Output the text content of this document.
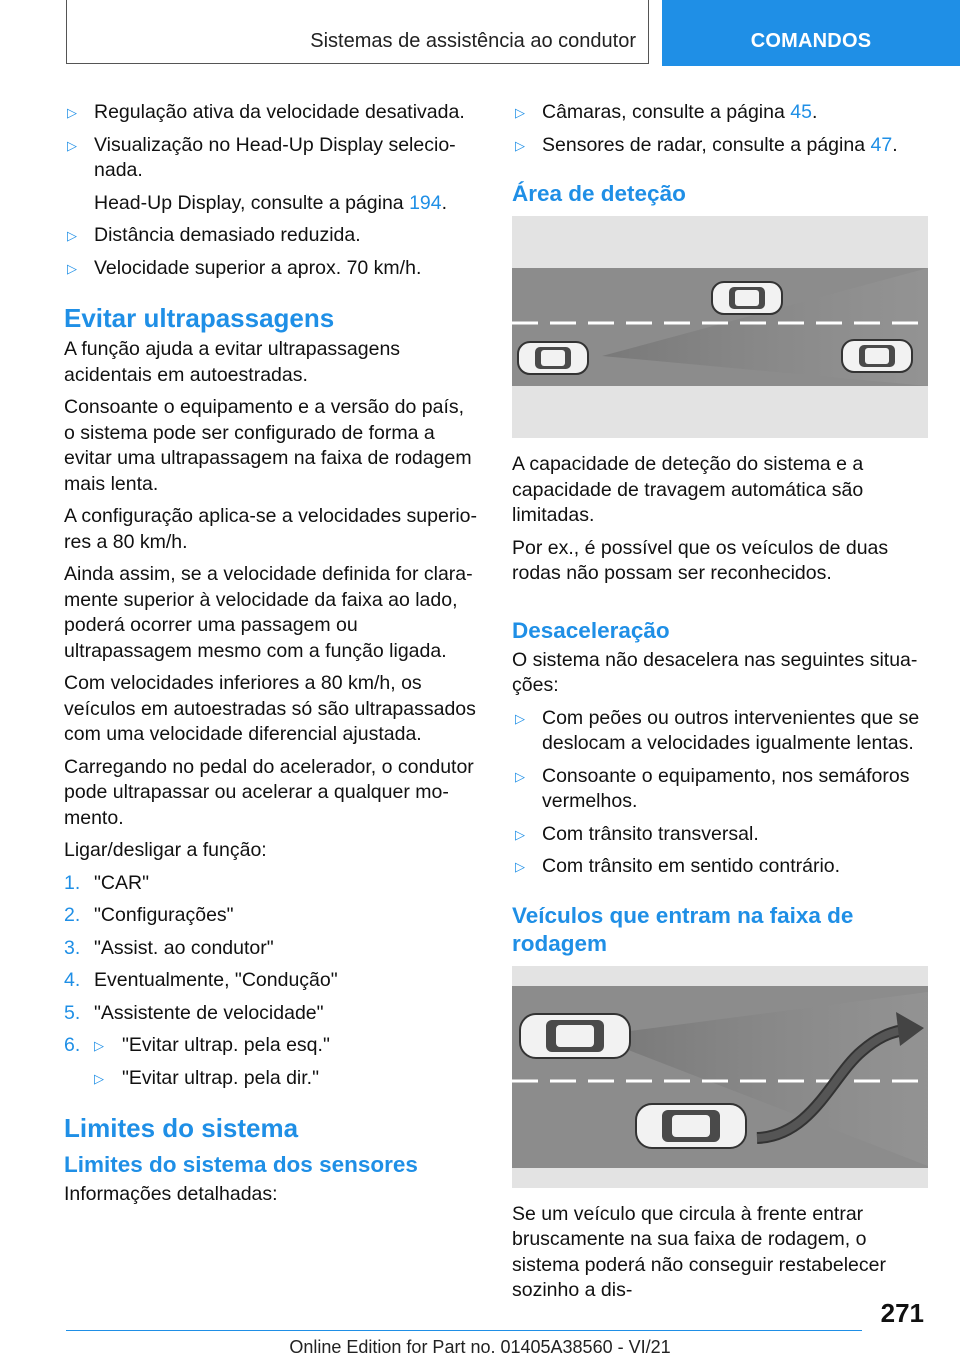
Sistemas de assistência ao condutor	COMANDOS
▷ Regulação ativa da velocidade desativada.
▷ Visualização no Head-Up Display selecionada.

Head-Up Display, consulte a página 194.

▷ Distância demasiado reduzida.
▷ Velocidade superior a aprox. 70 km/h.
Evitar ultrapassagens

A função ajuda a evitar ultrapassagens acidentais em autoestradas.

Consoante o equipamento e a versão do país, o sistema pode ser configurado de forma a evitar uma ultrapassagem na faixa de rodagem mais lenta.

A configuração aplica-se a velocidades superiores a 80 km/h.

Ainda assim, se a velocidade definida for claramente superior à velocidade da faixa ao lado, poderá ocorrer uma passagem ou ultrapassagem mesmo com a função ligada.

Com velocidades inferiores a 80 km/h, os veículos em autoestradas só são ultrapassados com uma velocidade diferencial ajustada.

Carregando no pedal do acelerador, o condutor pode ultrapassar ou acelerar a qualquer momento.

Ligar/desligar a função:

1. "CAR"
2. "Configurações"
3. "Assist. ao condutor"
4. Eventualmente, "Condução"
5. "Assistente de velocidade"
6.	▷ "Evitar ultrap. pela esq."
▷ "Evitar ultrap. pela dir."
Limites do sistema
Limites do sistema dos sensores

Informações detalhadas:

▷ Câmaras, consulte a página 45.
▷ Sensores de radar, consulte a página 47.
Área de deteção

A capacidade de deteção do sistema e a capacidade de travagem automática são limitadas.

Por ex., é possível que os veículos de duas rodas não possam ser reconhecidos.

Desaceleração

O sistema não desacelera nas seguintes situações:

▷ Com peões ou outros intervenientes que se deslocam a velocidades igualmente lentas.
▷ Consoante o equipamento, nos semáforos vermelhos.
▷ Com trânsito transversal.
▷ Com trânsito em sentido contrário.
Veículos que entram na faixa de rodagem

Se um veículo que circula à frente entrar bruscamente na sua faixa de rodagem, o sistema poderá não conseguir restabelecer sozinho a dis-

271
Online Edition for Part no. 01405A38560 - VI/21
